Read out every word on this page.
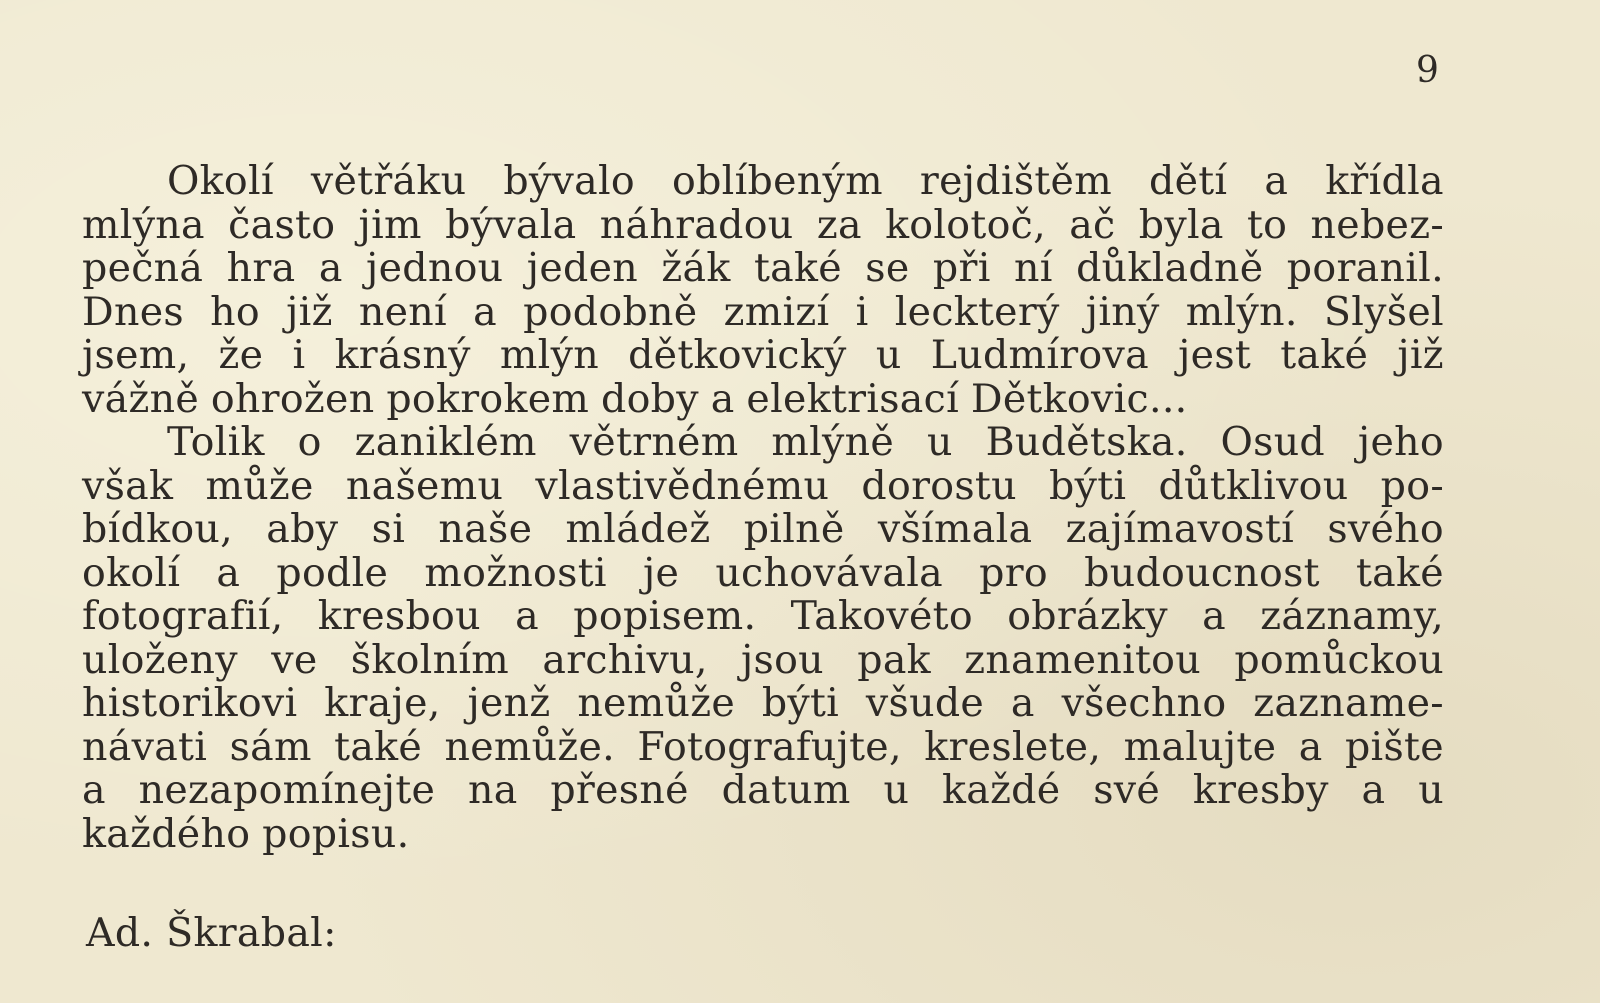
9
Okolí větřáku bývalo oblíbeným rejdištěm dětí a křídla
mlýna často jim bývala náhradou za kolotoč, ač byla to nebez-
pečná hra a jednou jeden žák také se při ní důkladně poranil.
Dnes ho již není a podobně zmizí i leckterý jiný mlýn. Slyšel
jsem, že i krásný mlýn dětkovický u Ludmírova jest také již
vážně ohrožen pokrokem doby a elektrisací Dětkovic...
Tolik o zaniklém větrném mlýně u Budětska. Osud jeho
však může našemu vlastivědnému dorostu býti důtklivou po-
bídkou, aby si naše mládež pilně všímala zajímavostí svého
okolí a podle možnosti je uchovávala pro budoucnost také
fotografií, kresbou a popisem. Takovéto obrázky a záznamy,
uloženy ve školním archivu, jsou pak znamenitou pomůckou
historikovi kraje, jenž nemůže býti všude a všechno zazname-
návati sám také nemůže. Fotografujte, kreslete, malujte a pište
a nezapomínejte na přesné datum u každé své kresby a u
každého popisu.
Ad. Škrabal:
